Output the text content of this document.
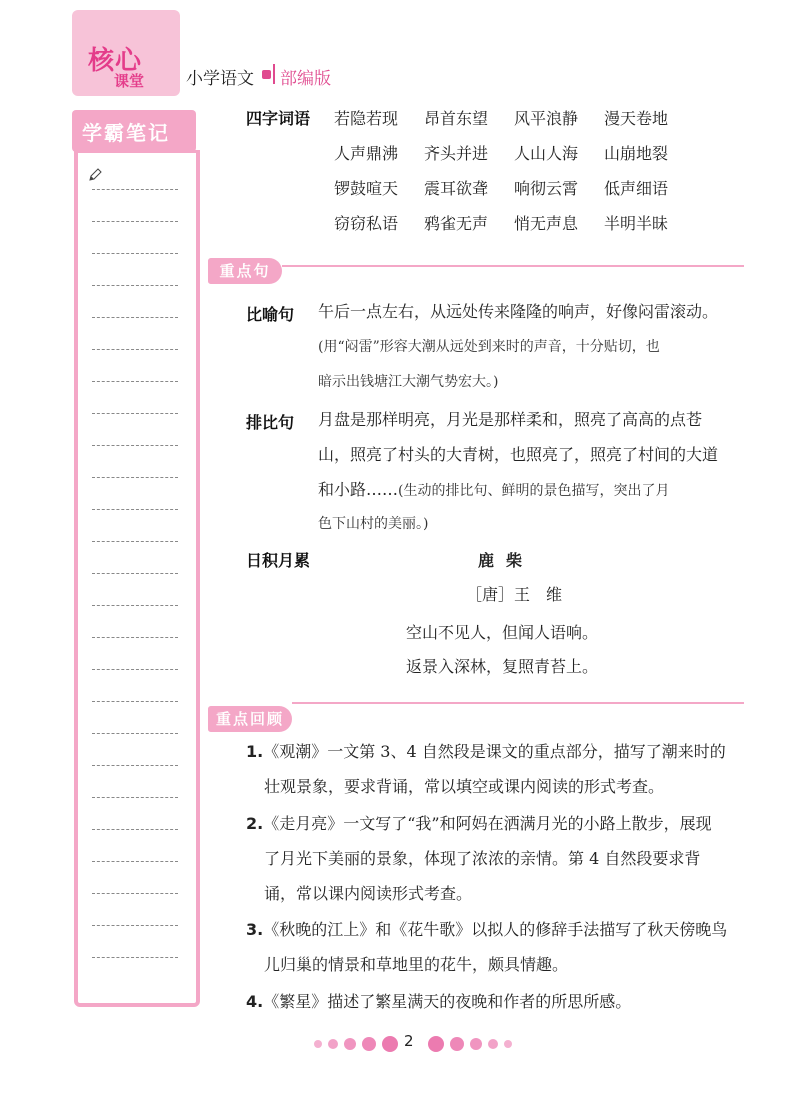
核心
课堂 小学语文 部编版
学霸笔记
四字词语 若隐若现 昂首东望 风平浪静 漫天卷地
人声鼎沸 齐头并进 人山人海 山崩地裂
锣鼓喧天 震耳欲聋 响彻云霄 低声细语
窃窃私语 鸦雀无声 悄无声息 半明半昧
重点句
比喻句 午后一点左右，从远处传来隆隆的响声，好像闷雷滚动。
(用“闷雷”形容大潮从远处到来时的声音，十分贴切，也
暗示出钱塘江大潮气势宏大。)
排比句 月盘是那样明亮，月光是那样柔和，照亮了高高的点苍
山，照亮了村头的大青树，也照亮了，照亮了村间的大道
和小路……(生动的排比句、鲜明的景色描写，突出了月
色下山村的美丽。)
日积月累	鹿柴
［唐］王　维
空山不见人，但闻人语响。
返景入深林，复照青苔上。
重点回顾
1.《观潮》一文第 3、4 自然段是课文的重点部分，描写了潮来时的
壮观景象，要求背诵，常以填空或课内阅读的形式考查。
2.《走月亮》一文写了“我”和阿妈在洒满月光的小路上散步，展现
了月光下美丽的景象，体现了浓浓的亲情。第 4 自然段要求背
诵，常以课内阅读形式考查。
3.《秋晚的江上》和《花牛歌》以拟人的修辞手法描写了秋天傍晚鸟
儿归巢的情景和草地里的花牛，颇具情趣。
4.《繁星》描述了繁星满天的夜晚和作者的所思所感。
2
